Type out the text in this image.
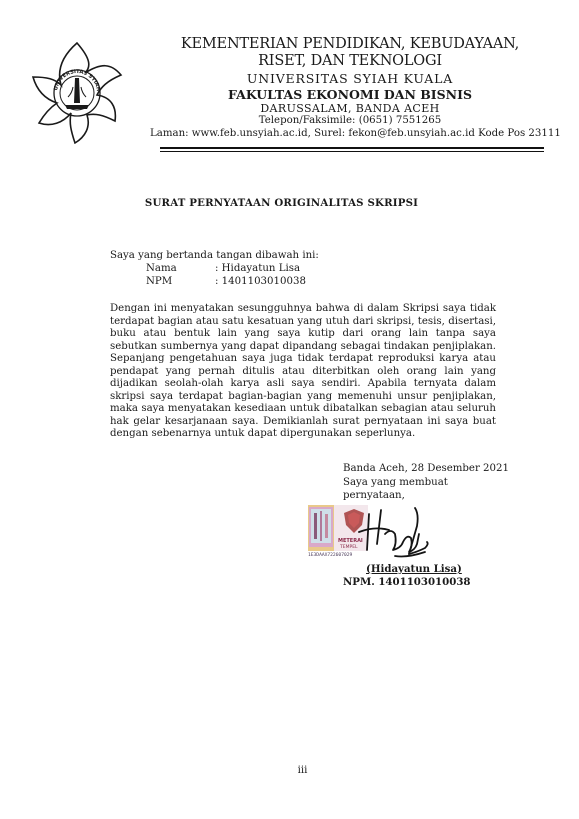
UNIVERSITAS SYIAH
KEMENTERIAN PENDIDIKAN, KEBUDAYAAN,
RISET, DAN TEKNOLOGI
UNIVERSITAS SYIAH KUALA
FAKULTAS EKONOMI DAN BISNIS
DARUSSALAM, BANDA ACEH
Telepon/Faksimile: (0651) 7551265
Laman: www.feb.unsyiah.ac.id, Surel: fekon@feb.unsyiah.ac.id Kode Pos 23111
SURAT PERNYATAAN ORIGINALITAS SKRIPSI
Saya yang bertanda tangan dibawah ini:
Nama	: Hidayatun Lisa
NPM	: 1401103010038
Dengan ini menyatakan sesungguhnya bahwa di dalam Skripsi saya tidak terdapat bagian atau satu kesatuan yang utuh dari skripsi, tesis, disertasi, buku atau bentuk lain yang saya kutip dari orang lain tanpa saya sebutkan sumbernya yang dapat dipandang sebagai tindakan penjiplakan. Sepanjang pengetahuan saya juga tidak terdapat reproduksi karya atau pendapat yang pernah ditulis atau diterbitkan oleh orang lain yang dijadikan seolah-olah karya asli saya sendiri. Apabila ternyata dalam skripsi saya terdapat bagian-bagian yang memenuhi unsur penjiplakan, maka saya menyatakan kesediaan untuk dibatalkan sebagian atau seluruh hak gelar kesarjanaan saya. Demikianlah surat pernyataan ini saya buat dengan sebenarnya untuk dapat dipergunakan seperlunya.
Banda Aceh, 28 Desember 2021
Saya yang membuat
pernyataan,
METERAI
TEMPEL
1E3DAAX722607029
(Hidayatun Lisa)
NPM. 1401103010038
iii
